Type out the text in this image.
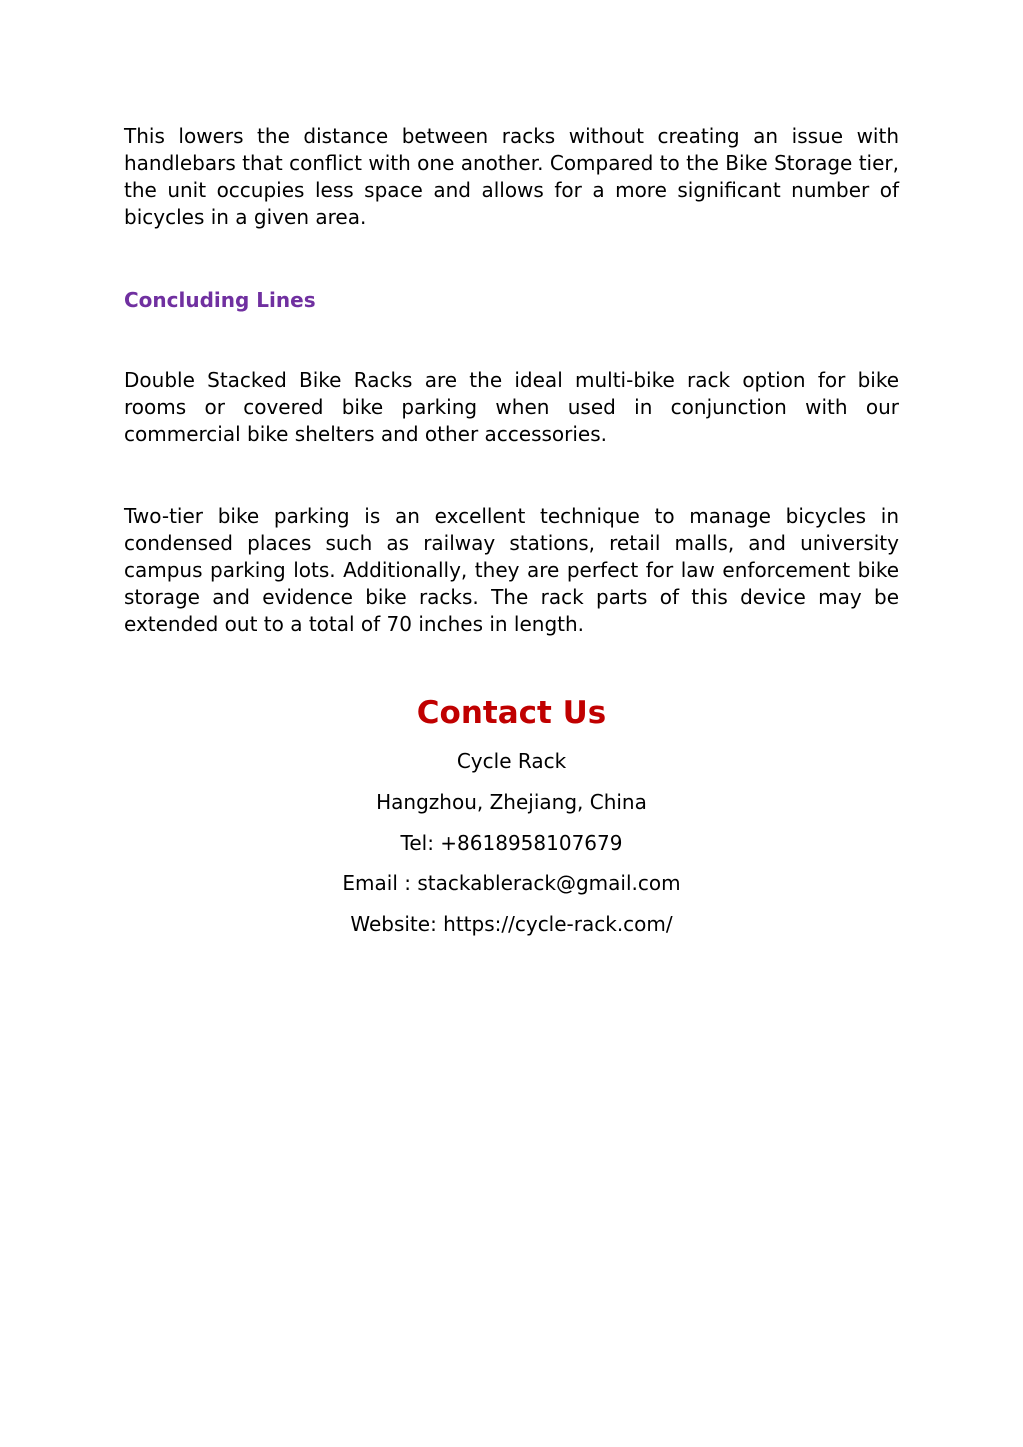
This lowers the distance between racks without creating an issue with handlebars that conflict with one another. Compared to the Bike Storage tier, the unit occupies less space and allows for a more significant number of bicycles in a given area.

Concluding Lines

Double Stacked Bike Racks are the ideal multi-bike rack option for bike rooms or covered bike parking when used in conjunction with our commercial bike shelters and other accessories.

Two-tier bike parking is an excellent technique to manage bicycles in condensed places such as railway stations, retail malls, and university campus parking lots. Additionally, they are perfect for law enforcement bike storage and evidence bike racks. The rack parts of this device may be extended out to a total of 70 inches in length.

Contact Us

Cycle Rack

Hangzhou, Zhejiang, China

Tel: +8618958107679

Email : stackablerack@gmail.com

Website: https://cycle-rack.com/
